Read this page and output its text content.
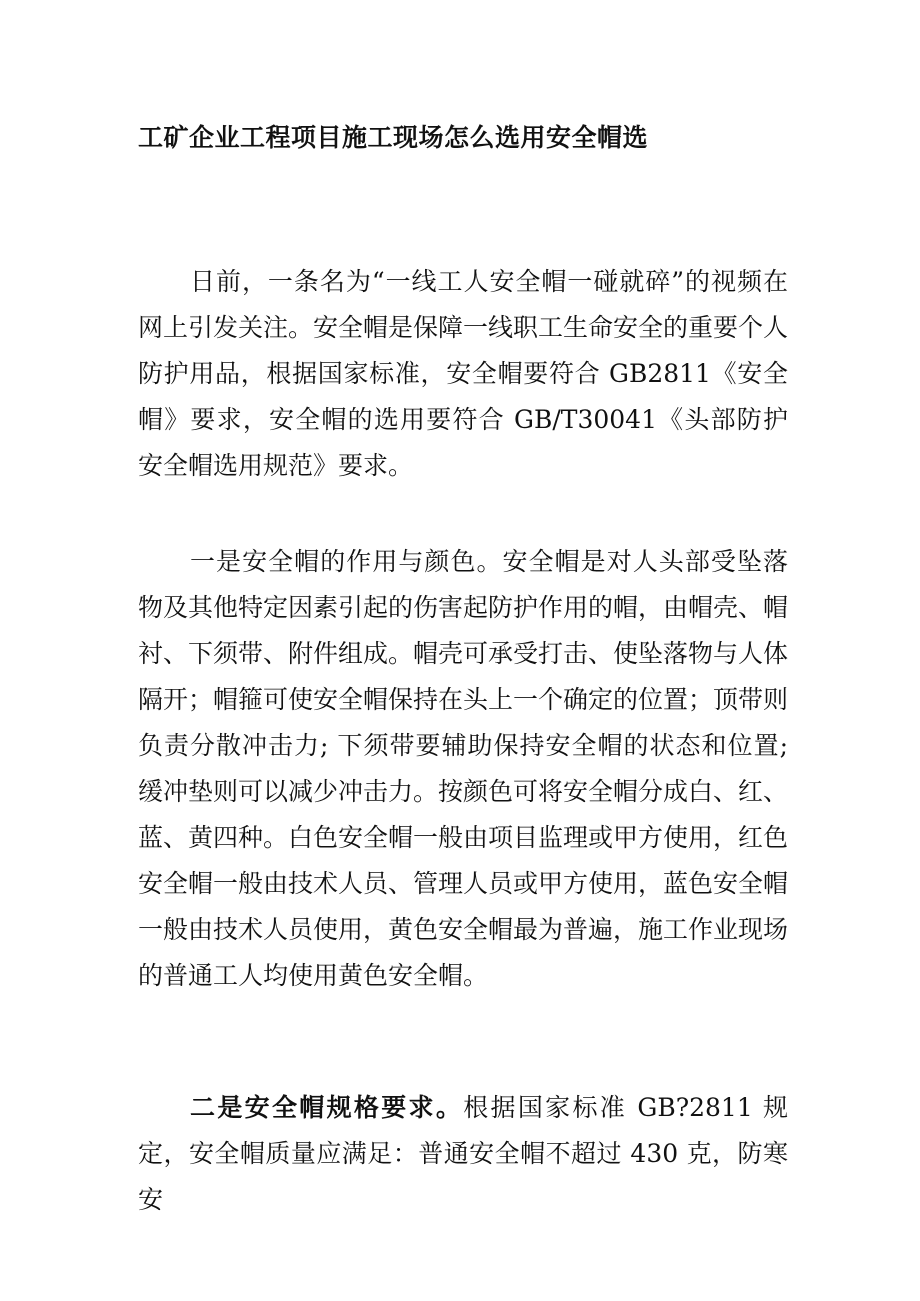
工矿企业工程项目施工现场怎么选用安全帽选

日前，一条名为“一线工人安全帽一碰就碎”的视频在网上引发关注。安全帽是保障一线职工生命安全的重要个人防护用品，根据国家标准，安全帽要符合 GB2811《安全帽》要求，安全帽的选用要符合 GB/T30041《头部防护安全帽选用规范》要求。

一是安全帽的作用与颜色。安全帽是对人头部受坠落物及其他特定因素引起的伤害起防护作用的帽，由帽壳、帽衬、下须带、附件组成。帽壳可承受打击、使坠落物与人体隔开；帽箍可使安全帽保持在头上一个确定的位置；顶带则负责分散冲击力; 下须带要辅助保持安全帽的状态和位置; 缓冲垫则可以减少冲击力。按颜色可将安全帽分成白、红、蓝、黄四种。白色安全帽一般由项目监理或甲方使用，红色安全帽一般由技术人员、管理人员或甲方使用，蓝色安全帽一般由技术人员使用，黄色安全帽最为普遍，施工作业现场的普通工人均使用黄色安全帽。

二是安全帽规格要求。根据国家标准 GB?2811 规定，安全帽质量应满足：普通安全帽不超过 430 克，防寒安
